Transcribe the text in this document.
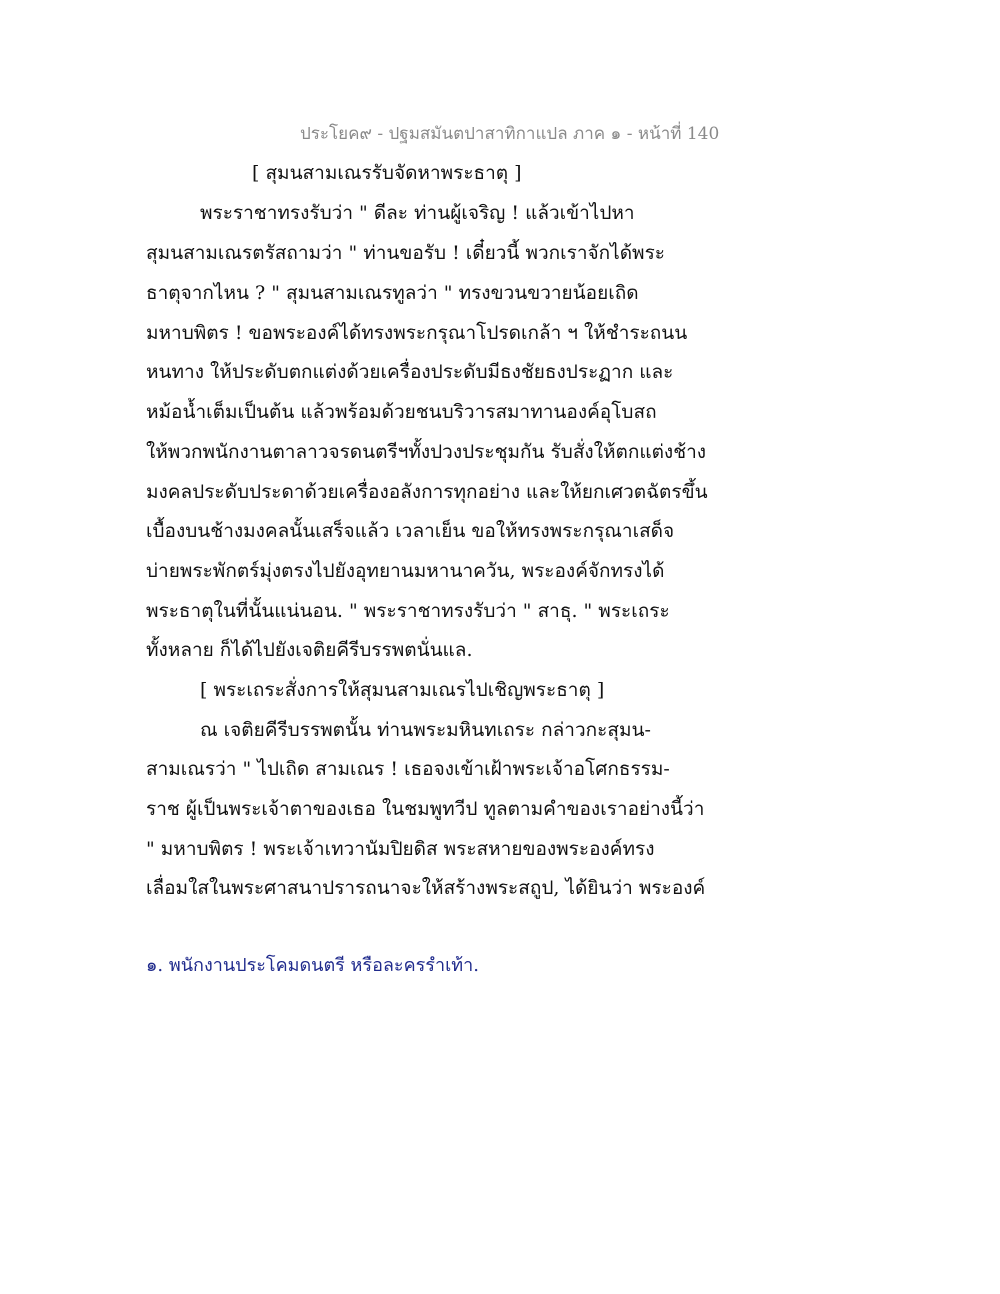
ประโยค๙ - ปฐมสมันตปาสาทิกาแปล ภาค ๑ - หน้าที่ 140
[ สุมนสามเณรรับจัดหาพระธาตุ ]
พระราชาทรงรับว่า " ดีละ ท่านผู้เจริญ ! แล้วเข้าไปหา
สุมนสามเณรตรัสถามว่า " ท่านขอรับ ! เดี๋ยวนี้ พวกเราจักได้พระ
ธาตุจากไหน ? " สุมนสามเณรทูลว่า " ทรงขวนขวายน้อยเถิด
มหาบพิตร ! ขอพระองค์ได้ทรงพระกรุณาโปรดเกล้า ฯ ให้ชำระถนน
หนทาง ให้ประดับตกแต่งด้วยเครื่องประดับมีธงชัยธงประฏาก และ
หม้อน้ำเต็มเป็นต้น แล้วพร้อมด้วยชนบริวารสมาทานองค์อุโบสถ
ให้พวกพนักงานตาลาวจรดนตรีฯทั้งปวงประชุมกัน รับสั่งให้ตกแต่งช้าง
มงคลประดับประดาด้วยเครื่องอลังการทุกอย่าง และให้ยกเศวตฉัตรขึ้น
เบื้องบนช้างมงคลนั้นเสร็จแล้ว เวลาเย็น ขอให้ทรงพระกรุณาเสด็จ
บ่ายพระพักตร์มุ่งตรงไปยังอุทยานมหานาควัน, พระองค์จักทรงได้
พระธาตุในที่นั้นแน่นอน. " พระราชาทรงรับว่า " สาธุ. " พระเถระ
ทั้งหลาย ก็ได้ไปยังเจติยคีรีบรรพตนั่นแล.
[ พระเถระสั่งการให้สุมนสามเณรไปเชิญพระธาตุ ]
ณ เจติยคีรีบรรพตนั้น ท่านพระมหินทเถระ กล่าวกะสุมน-
สามเณรว่า " ไปเถิด สามเณร ! เธอจงเข้าเฝ้าพระเจ้าอโศกธรรม-
ราช ผู้เป็นพระเจ้าตาของเธอ ในชมพูทวีป ทูลตามคำของเราอย่างนี้ว่า
" มหาบพิตร ! พระเจ้าเทวานัมปิยดิส พระสหายของพระองค์ทรง
เลื่อมใสในพระศาสนาปรารถนาจะให้สร้างพระสถูป, ได้ยินว่า พระองค์
๑. พนักงานประโคมดนตรี หรือละครรำเท้า.
